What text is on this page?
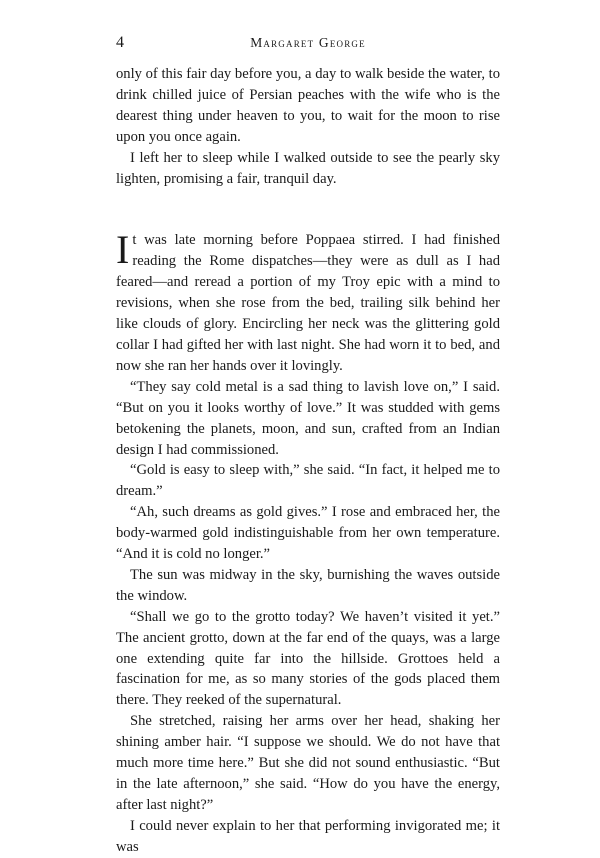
4	Margaret George

only of this fair day before you, a day to walk beside the water, to drink chilled juice of Persian peaches with the wife who is the dearest thing under heaven to you, to wait for the moon to rise upon you once again.

I left her to sleep while I walked outside to see the pearly sky lighten, promising a fair, tranquil day.

It was late morning before Poppaea stirred. I had finished reading the Rome dispatches—they were as dull as I had feared—and reread a portion of my Troy epic with a mind to revisions, when she rose from the bed, trailing silk behind her like clouds of glory. Encircling her neck was the glittering gold collar I had gifted her with last night. She had worn it to bed, and now she ran her hands over it lovingly.

“They say cold metal is a sad thing to lavish love on,” I said. “But on you it looks worthy of love.” It was studded with gems betokening the planets, moon, and sun, crafted from an Indian design I had commissioned.

“Gold is easy to sleep with,” she said. “In fact, it helped me to dream.”

“Ah, such dreams as gold gives.” I rose and embraced her, the body-warmed gold indistinguishable from her own temperature. “And it is cold no longer.”

The sun was midway in the sky, burnishing the waves outside the window.

“Shall we go to the grotto today? We haven’t visited it yet.” The ancient grotto, down at the far end of the quays, was a large one extending quite far into the hillside. Grottoes held a fascination for me, as so many stories of the gods placed them there. They reeked of the supernatural.

She stretched, raising her arms over her head, shaking her shining amber hair. “I suppose we should. We do not have that much more time here.” But she did not sound enthusiastic. “But in the late afternoon,” she said. “How do you have the energy, after last night?”

I could never explain to her that performing invigorated me; it was
